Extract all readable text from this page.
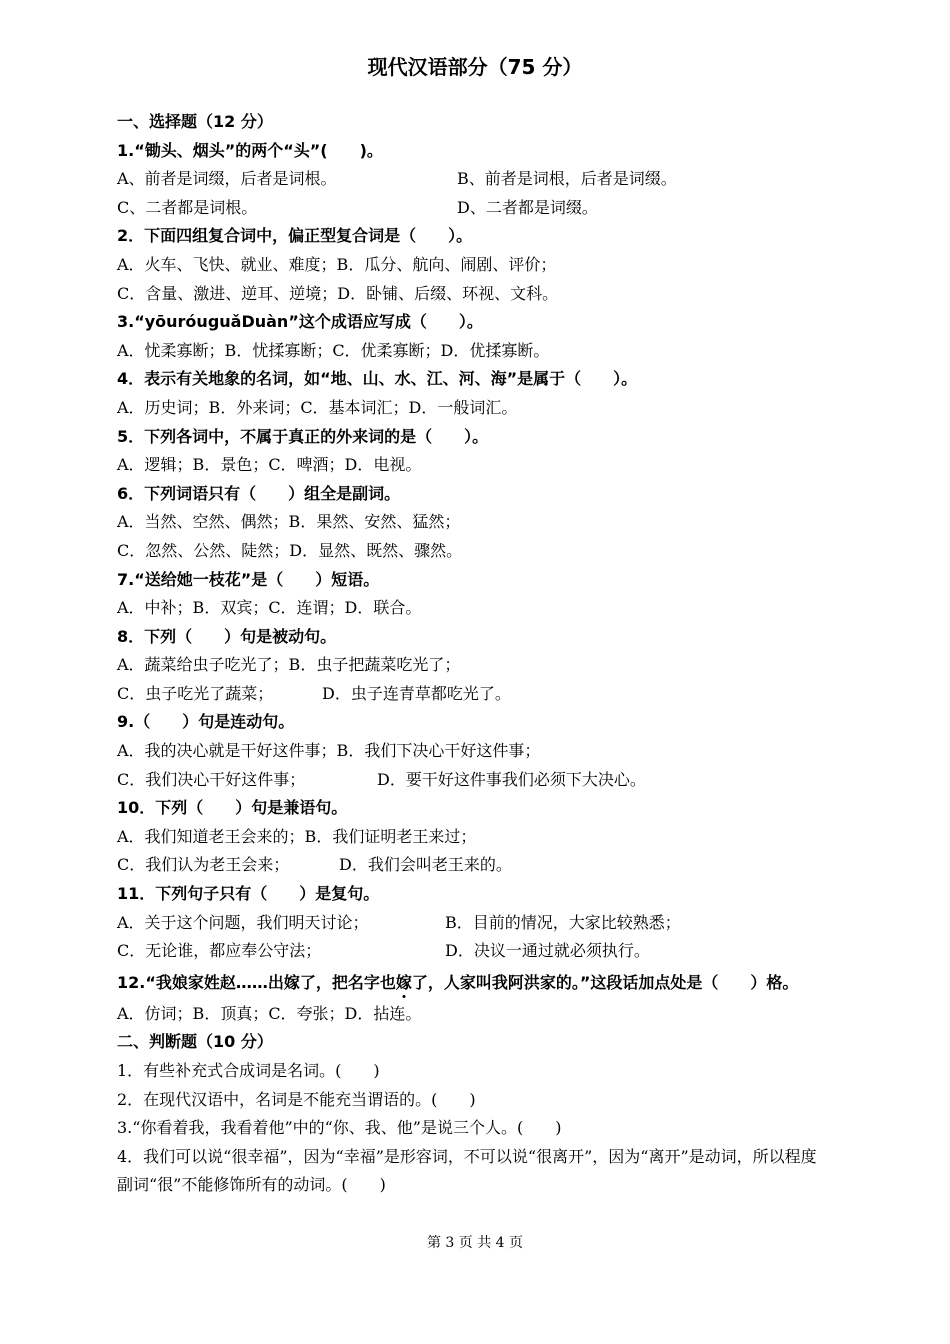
现代汉语部分（75 分）
一、选择题（12 分）
1.“锄头、烟头”的两个“头”(　　)。
A、前者是词缀，后者是词根。	B、前者是词根，后者是词缀。
C、二者都是词根。	D、二者都是词缀。
2．下面四组复合词中，偏正型复合词是（　　）。
A．火车、飞快、就业、难度；B．瓜分、航向、闹剧、评价；
C．含量、激进、逆耳、逆境；D．卧铺、后缀、环视、文科。
3.“yōuróuguǎDuàn”这个成语应写成（　　）。
A．忧柔寡断；B．忧揉寡断；C．优柔寡断；D．优揉寡断。
4．表示有关地象的名词，如“地、山、水、江、河、海”是属于（　　）。
A．历史词；B．外来词；C．基本词汇；D．一般词汇。
5．下列各词中，不属于真正的外来词的是（　　）。
A．逻辑；B．景色；C．啤酒；D．电视。
6．下列词语只有（　　）组全是副词。
A．当然、空然、偶然；B．果然、安然、猛然；
C．忽然、公然、陡然；D．显然、既然、骤然。
7.“送给她一枝花”是（　　）短语。
A．中补；B．双宾；C．连谓；D．联合。
8．下列（　　）句是被动句。
A．蔬菜给虫子吃光了；B．虫子把蔬菜吃光了；
C．虫子吃光了蔬菜；	D．虫子连青草都吃光了。
9.（　　）句是连动句。
A．我的决心就是干好这件事；B．我们下决心干好这件事；
C．我们决心干好这件事；	D．要干好这件事我们必须下大决心。
10．下列（　　）句是兼语句。
A．我们知道老王会来的；B．我们证明老王来过；
C．我们认为老王会来；	D．我们会叫老王来的。
11．下列句子只有（　　）是复句。
A．关于这个问题，我们明天讨论；	B．目前的情况，大家比较熟悉；
C．无论谁，都应奉公守法；	D．决议一通过就必须执行。
12.“我娘家姓赵……出嫁了，把名字也嫁了，人家叫我阿洪家的。”这段话加点处是（　　）格。
A．仿词；B．顶真；C．夸张；D．拈连。
二、判断题（10 分）
1．有些补充式合成词是名词。(　　)
2．在现代汉语中，名词是不能充当谓语的。(　　)
3.“你看着我，我看着他”中的“你、我、他”是说三个人。(　　)
4．我们可以说“很幸福”，因为“幸福”是形容词，不可以说“很离开”，因为“离开”是动词，所以程度副词“很”不能修饰所有的动词。(　　)
第 3 页 共 4 页
